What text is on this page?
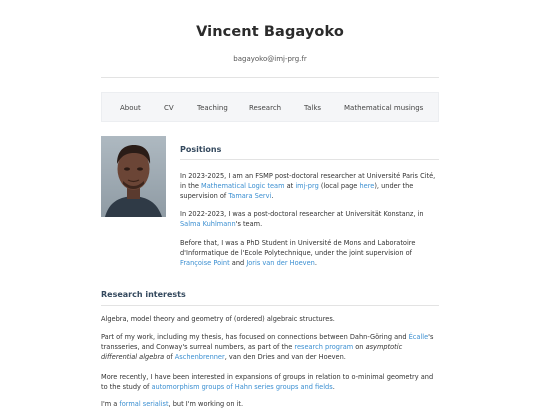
Vincent Bagayoko
bagayoko@imj-prg.fr
About	CV	Teaching	Research	Talks	Mathematical musings
Positions

In 2023-2025, I am an FSMP post-doctoral researcher at Université Paris Cité, in the Mathematical Logic team at imj-prg (local page here), under the supervision of Tamara Servi.

In 2022-2023, I was a post-doctoral researcher at Universität Konstanz, in Salma Kuhlmann's team.

Before that, I was a PhD Student in Université de Mons and Laboratoire d'Informatique de l'Ecole Polytechnique, under the joint supervision of Françoise Point and Joris van der Hoeven.

Research interests

Algebra, model theory and geometry of (ordered) algebraic structures.

Part of my work, including my thesis, has focused on connections between Dahn-Göring and Écalle's transseries, and Conway's surreal numbers, as part of the research program on asymptotic differential algebra of Aschenbrenner, van den Dries and van der Hoeven.

More recently, I have been interested in expansions of groups in relation to o-minimal geometry and to the study of automorphism groups of Hahn series groups and fields.

I'm a formal serialist, but I'm working on it.
